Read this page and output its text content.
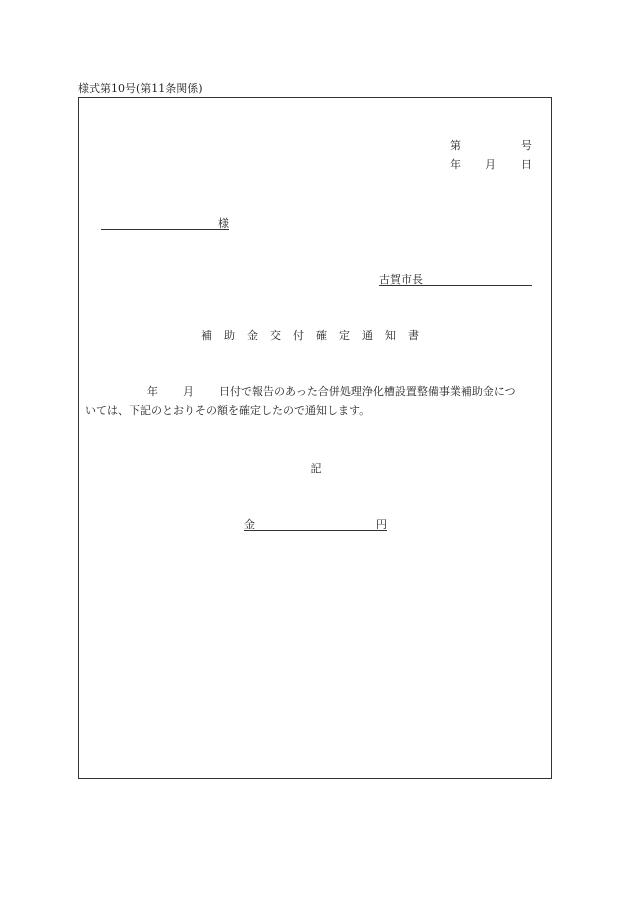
様式第10号(第11条関係)
第	号
年 月 日
様
古賀市長
補助金交付確定通知書
年 月 日付で報告のあった合併処理浄化槽設置整備事業補助金につ
いては、下記のとおりその額を確定したので通知します。
記
金	円
